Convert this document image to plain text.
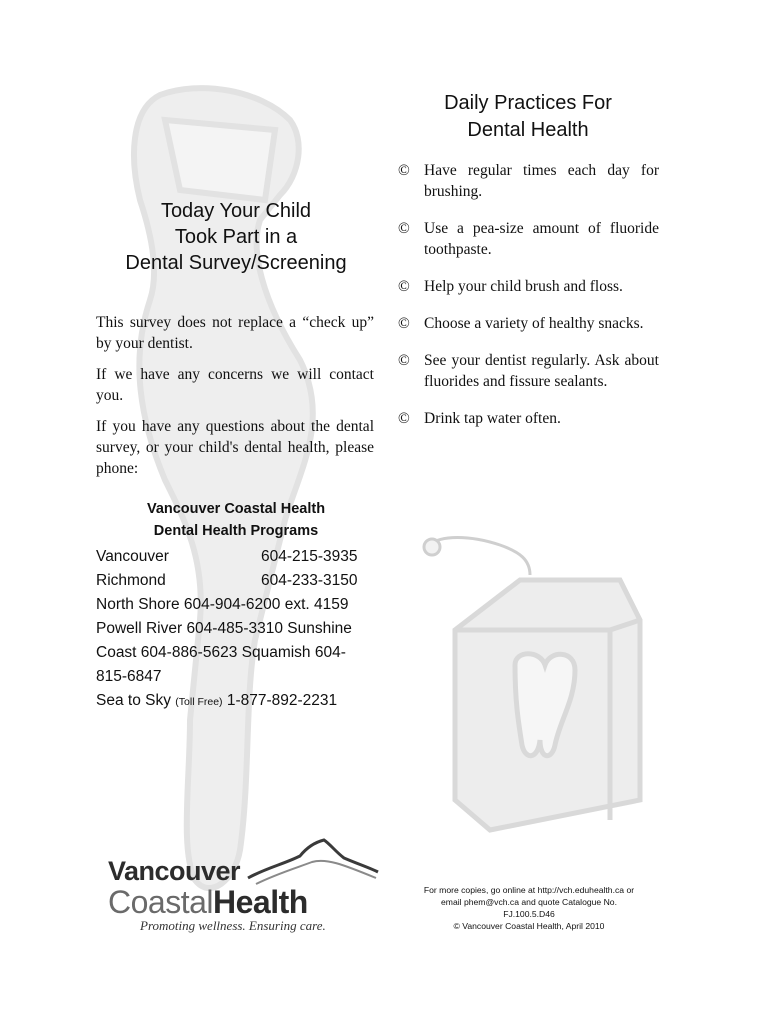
Today Your Child
Took Part in a
Dental Survey/Screening

This survey does not replace a “check up” by your dentist.

If we have any concerns we will contact you.

If you have any questions about the dental survey, or your child's dental health, please phone:

Vancouver Coastal Health
Dental Health Programs
Vancouver	604-215-3935
Richmond	604-233-3150
North Shore 604-904-6200 ext. 4159
Powell River 604-485-3310 Sunshine
Coast 604-886-5623 Squamish 604-
815-6847
Sea to Sky (Toll Free) 1-877-892-2231
Daily Practices For
Dental Health
© Have regular times each day for brushing.
© Use a pea-size amount of fluoride toothpaste.
© Help your child brush and floss.
© Choose a variety of healthy snacks.
© See your dentist regularly. Ask about fluorides and fissure sealants.
© Drink tap water often.
Vancouver
CoastalHealth
Promoting wellness. Ensuring care.
For more copies, go online at http://vch.eduhealth.ca or
email phem@vch.ca and quote Catalogue No.
FJ.100.5.D46
© Vancouver Coastal Health, April 2010
